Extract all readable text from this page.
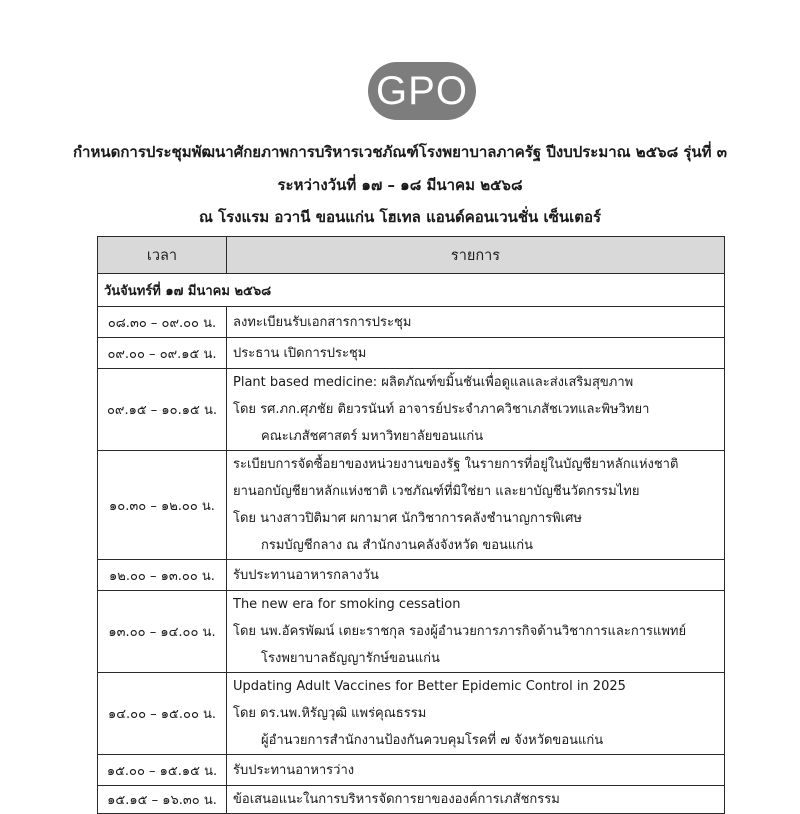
GPO
กำหนดการประชุมพัฒนาศักยภาพการบริหารเวชภัณฑ์โรงพยาบาลภาครัฐ ปีงบประมาณ ๒๕๖๘ รุ่นที่ ๓
ระหว่างวันที่ ๑๗ – ๑๘ มีนาคม ๒๕๖๘
ณ โรงแรม อวานี ขอนแก่น โฮเทล แอนด์คอนเวนชั่น เซ็นเตอร์
เวลา	รายการ
วันจันทร์ที่ ๑๗ มีนาคม ๒๕๖๘	
๐๘.๓๐ – ๐๙.๐๐ น.	ลงทะเบียนรับเอกสารการประชุม

๐๙.๐๐ – ๐๙.๑๕ น.	ประธาน เปิดการประชุม

๐๙.๑๕ – ๑๐.๑๕ น.	Plant based medicine: ผลิตภัณฑ์ขมิ้นชันเพื่อดูแลและส่งเสริมสุขภาพ
โดย รศ.ภก.ศุภชัย ติยวรนันท์ อาจารย์ประจำภาควิชาเภสัชเวทและพิษวิทยา
คณะเภสัชศาสตร์ มหาวิทยาลัยขอนแก่น

๑๐.๓๐ – ๑๒.๐๐ น.	ระเบียบการจัดซื้อยาของหน่วยงานของรัฐ ในรายการที่อยู่ในบัญชียาหลักแห่งชาติ
ยานอกบัญชียาหลักแห่งชาติ เวชภัณฑ์ที่มิใช่ยา และยาบัญชีนวัตกรรมไทย
โดย นางสาวปิติมาศ ผกามาศ นักวิชาการคลังชำนาญการพิเศษ
กรมบัญชีกลาง ณ สำนักงานคลังจังหวัด ขอนแก่น

๑๒.๐๐ – ๑๓.๐๐ น.	รับประทานอาหารกลางวัน

๑๓.๐๐ – ๑๔.๐๐ น.	The new era for smoking cessation
โดย นพ.อัครพัฒน์ เตยะราชกุล รองผู้อำนวยการภารกิจด้านวิชาการและการแพทย์
โรงพยาบาลธัญญารักษ์ขอนแก่น

๑๔.๐๐ – ๑๕.๐๐ น.	Updating Adult Vaccines for Better Epidemic Control in 2025
โดย ดร.นพ.หิรัญวุฒิ แพร่คุณธรรม
ผู้อำนวยการสำนักงานป้องกันควบคุมโรคที่ ๗ จังหวัดขอนแก่น

๑๕.๐๐ – ๑๕.๑๕ น.	รับประทานอาหารว่าง

๑๕.๑๕ – ๑๖.๓๐ น.	ข้อเสนอแนะในการบริหารจัดการยาขององค์การเภสัชกรรม
